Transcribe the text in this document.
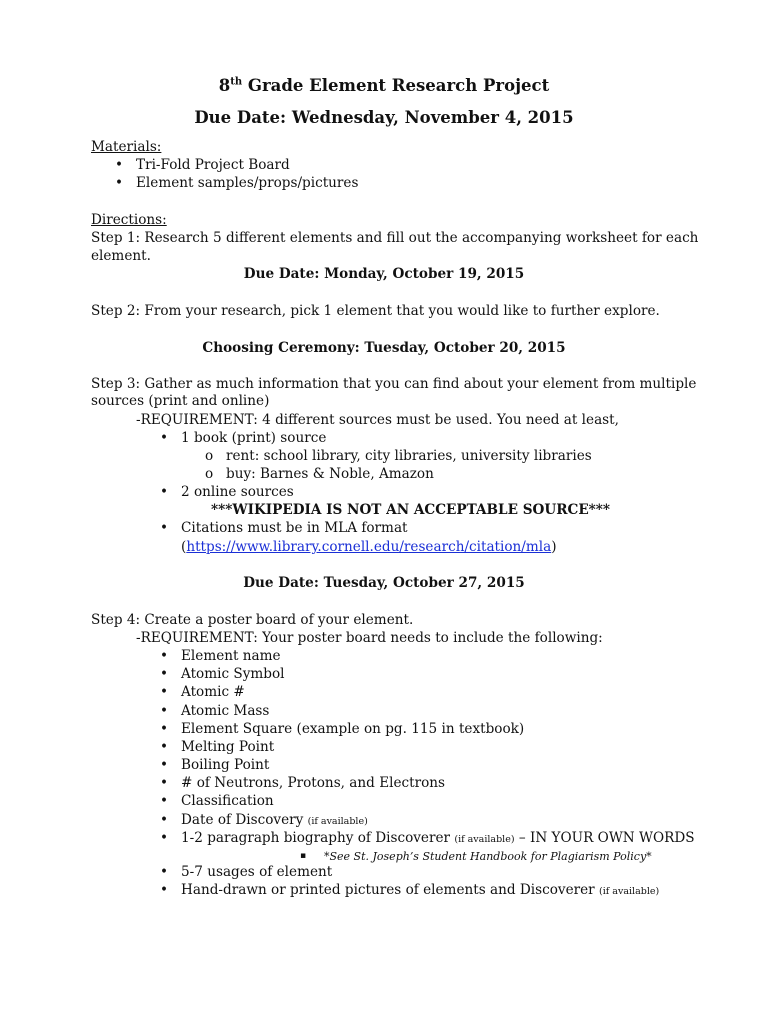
8th Grade Element Research Project
Due Date: Wednesday, November 4, 2015
Materials:
• Tri-Fold Project Board
• Element samples/props/pictures
Directions:
Step 1: Research 5 different elements and fill out the accompanying worksheet for each
element.
Due Date: Monday, October 19, 2015
Step 2: From your research, pick 1 element that you would like to further explore.
Choosing Ceremony: Tuesday, October 20, 2015
Step 3: Gather as much information that you can find about your element from multiple
sources (print and online)
-REQUIREMENT: 4 different sources must be used. You need at least,
• 1 book (print) source
o rent: school library, city libraries, university libraries
o buy: Barnes & Noble, Amazon
• 2 online sources
***WIKIPEDIA IS NOT AN ACCEPTABLE SOURCE***
• Citations must be in MLA format
(https://www.library.cornell.edu/research/citation/mla)
Due Date: Tuesday, October 27, 2015
Step 4: Create a poster board of your element.
-REQUIREMENT: Your poster board needs to include the following:
• Element name
• Atomic Symbol
• Atomic #
• Atomic Mass
• Element Square (example on pg. 115 in textbook)
• Melting Point
• Boiling Point
• # of Neutrons, Protons, and Electrons
• Classification
• Date of Discovery (if available)
• 1-2 paragraph biography of Discoverer (if available) – IN YOUR OWN WORDS
▪ *See St. Joseph’s Student Handbook for Plagiarism Policy*
• 5-7 usages of element
• Hand-drawn or printed pictures of elements and Discoverer (if available)
